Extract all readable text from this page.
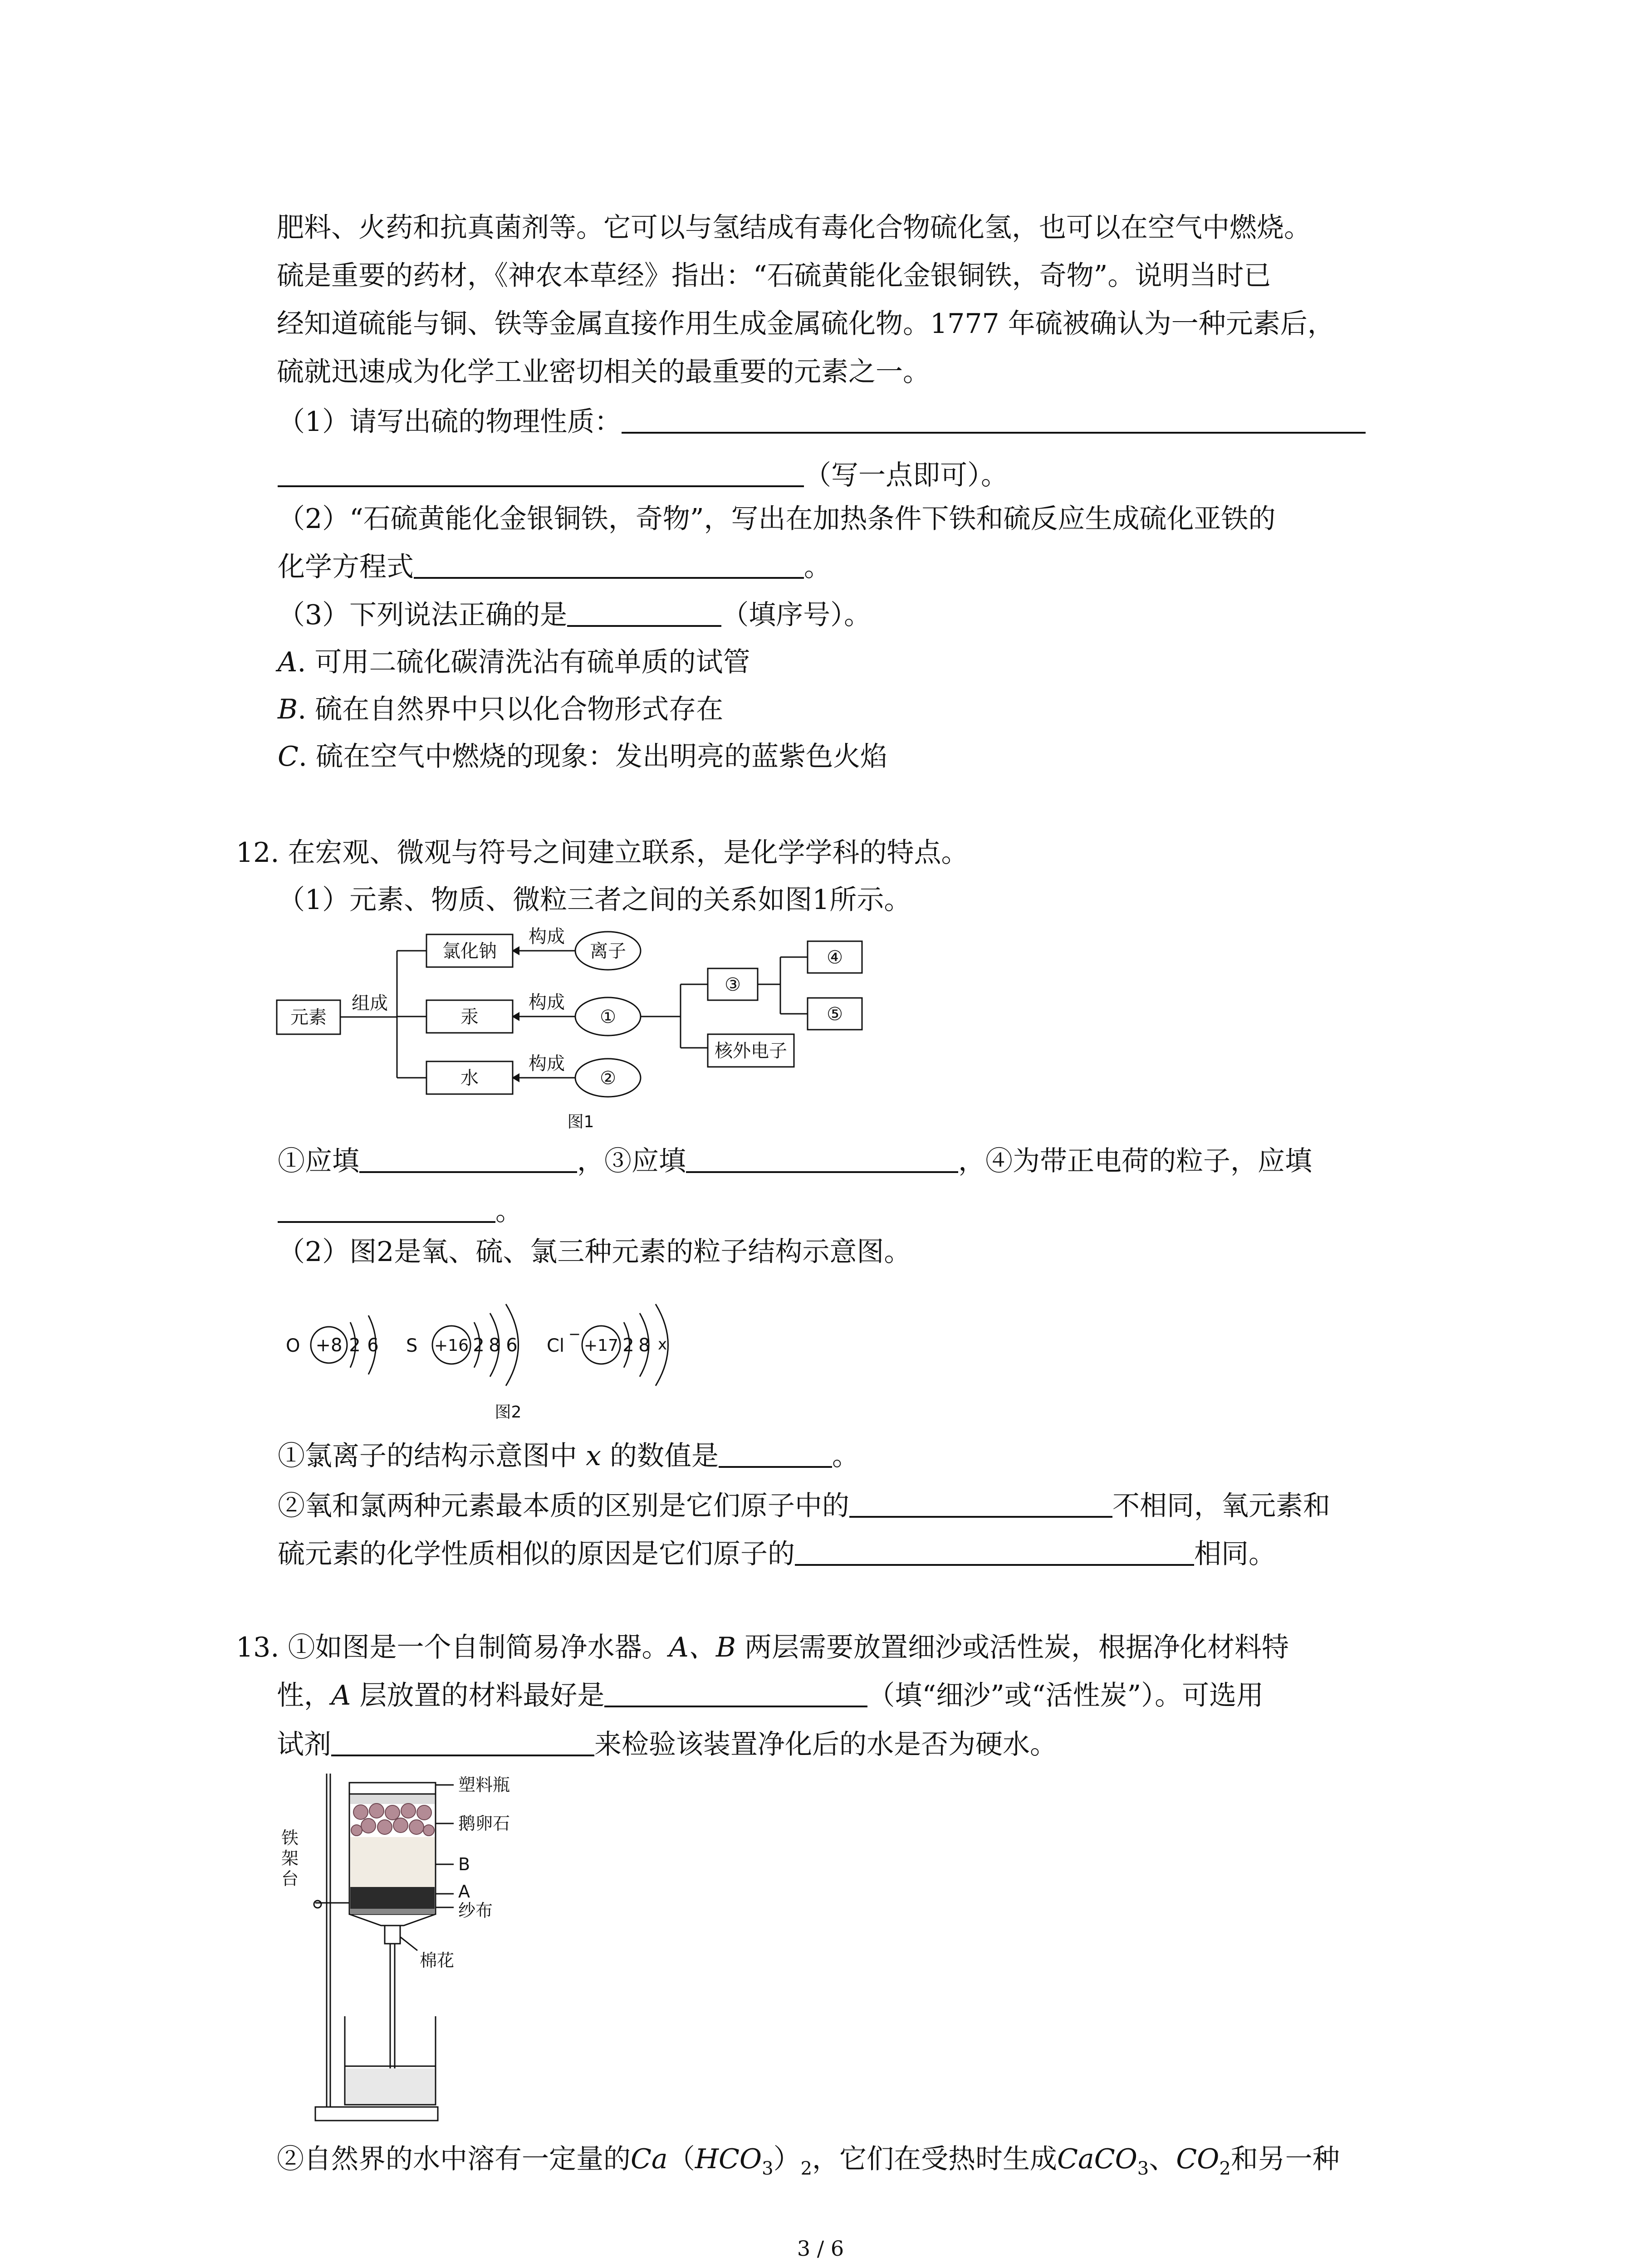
肥料、火药和抗真菌剂等。它可以与氢结成有毒化合物硫化氢，也可以在空气中燃烧。
硫是重要的药材，《神农本草经》指出：“石硫黄能化金银铜铁，奇物”。说明当时已
经知道硫能与铜、铁等金属直接作用生成金属硫化物。1777 年硫被确认为一种元素后，
硫就迅速成为化学工业密切相关的最重要的元素之一。
（1）请写出硫的物理性质：
（写一点即可）。
（2）“石硫黄能化金银铜铁，奇物”，写出在加热条件下铁和硫反应生成硫化亚铁的
化学方程式	。
（3）下列说法正确的是	（填序号）。
A. 可用二硫化碳清洗沾有硫单质的试管
B. 硫在自然界中只以化合物形式存在
C. 硫在空气中燃烧的现象：发出明亮的蓝紫色火焰
12. 在宏观、微观与符号之间建立联系，是化学学科的特点。
（1）元素、物质、微粒三者之间的关系如图1所示。
元素
组成
氯化钠
汞
水
构成
构成
构成
离子
①
②
③
④
⑤
核外电子
图1
①应填	，③应填	，④为带正电荷的粒子，应填
。
（2）图2是氧、硫、氯三种元素的粒子结构示意图。
O +8 2 6 S +16 2 8 6 Cl
−
+17 2 8 x
图2
①氯离子的结构示意图中 x 的数值是	。
②氧和氯两种元素最本质的区别是它们原子中的	不相同，氧元素和
硫元素的化学性质相似的原因是它们原子的	相同。
13. ①如图是一个自制简易净水器。A、B 两层需要放置细沙或活性炭，根据净化材料特
性，A 层放置的材料最好是	（填“细沙”或“活性炭”）。可选用
试剂	来检验该装置净化后的水是否为硬水。
塑料瓶
鹅卵石
B
A
纱布
棉花
铁
架
台
②自然界的水中溶有一定量的$Ca(HCO_3)_2$，它们在受热时生成CaCO$_3$、$CO_2$和另一种
3 / 6
